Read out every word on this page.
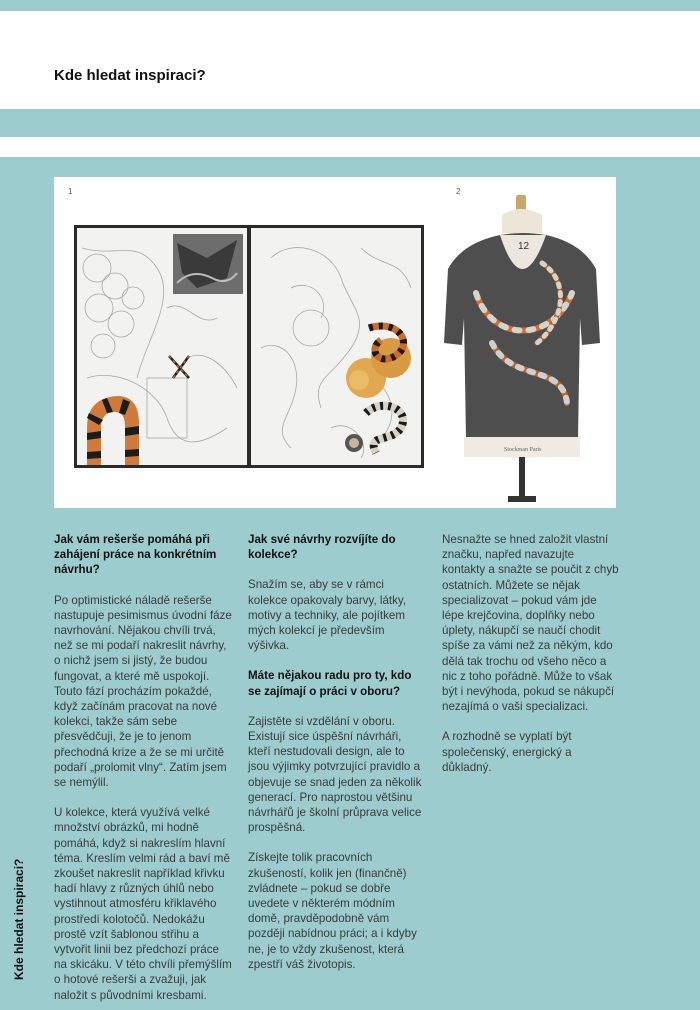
Kde hledat inspiraci?
1	2
12
Stockman Paris
Jak vám rešerše pomáhá při zahájení práce na konkrétním návrhu?

Po optimistické náladě rešerše nastupuje pesimismus úvodní fáze navrhování. Nějakou chvíli trvá, než se mi podaří nakreslit návrhy, o nichž jsem si jistý, že budou fungovat, a které mě uspokojí. Touto fází procházím pokaždé, když začínám pracovat na nové kolekci, takže sám sebe přesvědčuji, že je to jenom přechodná krize a že se mi určitě podaří „prolomit vlny“. Zatím jsem se nemýlil.

U kolekce, která využívá velké množství obrázků, mi hodně pomáhá, když si nakreslím hlavní téma. Kreslím velmi rád a baví mě zkoušet nakreslit například křivku hadí hlavy z různých úhlů nebo vystihnout atmosféru křiklavého prostředí kolotočů. Nedokážu prostě vzít šablonou střihu a vytvořit linii bez předchozí práce na skicáku. V této chvíli přemýšlím o hotové rešerši a zvažuji, jak naložit s původními kresbami.

Jak své návrhy rozvíjíte do kolekce?

Snažím se, aby se v rámci kolekce opakovaly barvy, látky, motivy a techniky, ale pojítkem mých kolekcí je především výšivka.

Máte nějakou radu pro ty, kdo se zajímají o práci v oboru?

Zajistěte si vzdělání v oboru. Existují sice úspěšní návrháři, kteří nestudovali design, ale to jsou výjimky potvrzující pravidlo a objevuje se snad jeden za několik generací. Pro naprostou většinu návrhářů je školní průprava velice prospěšná.

Získejte tolik pracovních zkušeností, kolik jen (finančně) zvládnete – pokud se dobře uvedete v některém módním domě, pravděpodobně vám později nabídnou práci; a i kdyby ne, je to vždy zkušenost, která zpestří váš životopis.

Nesnažte se hned založit vlastní značku, napřed navazujte kontakty a snažte se poučit z chyb ostatních. Můžete se nějak specializovat – pokud vám jde lépe krejčovina, doplňky nebo úplety, nákupčí se naučí chodit spíše za vámi než za někým, kdo dělá tak trochu od všeho něco a nic z toho pořádně. Může to však být i nevýhoda, pokud se nákupčí nezajímá o vaši specializaci.

A rozhodně se vyplatí být společenský, energický a důkladný.

Kde hledat inspiraci?
